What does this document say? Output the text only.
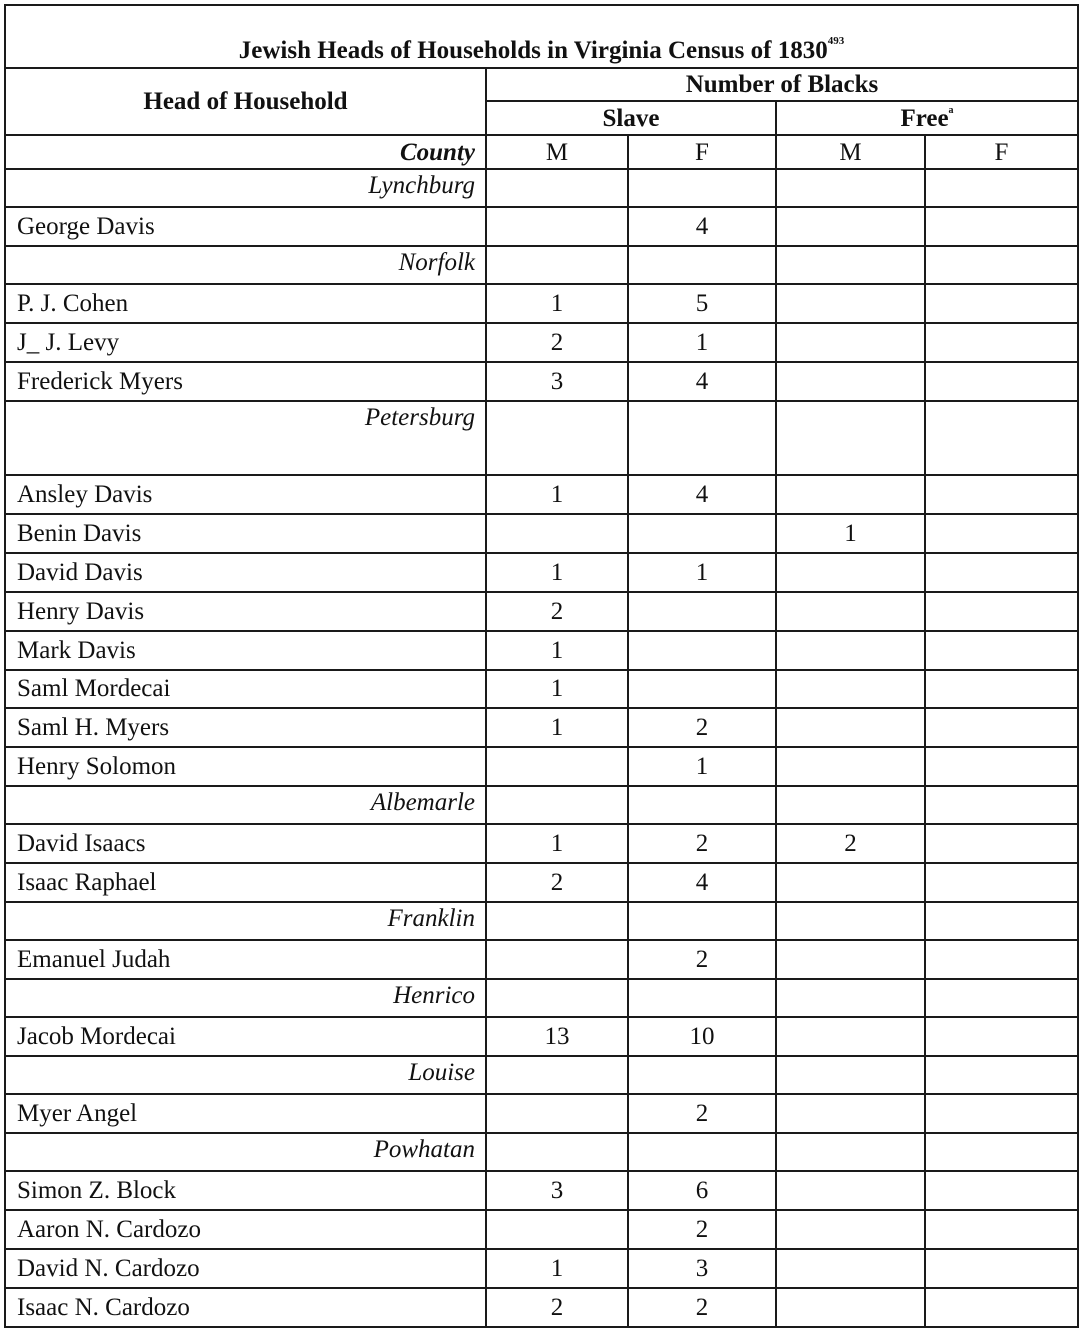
Jewish Heads of Households in Virginia Census of 1830$^{493}$
Head of Household	Number of Blacks			
	Slave		Free$^a$
County	M	F	M	F
Lynchburg				
George Davis		4		
Norfolk				
P. J. Cohen	1	5		
J_ J. Levy	2	1		
Frederick Myers	3	4		
Petersburg				
Ansley Davis	1	4		
Benin Davis			1	
David Davis	1	1		
Henry Davis	2			
Mark Davis	1			
Saml Mordecai	1			
Saml H. Myers	1	2		
Henry Solomon		1		
Albemarle				
David Isaacs	1	2	2	
Isaac Raphael	2	4		
Franklin				
Emanuel Judah		2		
Henrico				
Jacob Mordecai	13	10		
Louise				
Myer Angel		2		
Powhatan				
Simon Z. Block	3	6		
Aaron N. Cardozo		2		
David N. Cardozo	1	3		
Isaac N. Cardozo	2	2		
